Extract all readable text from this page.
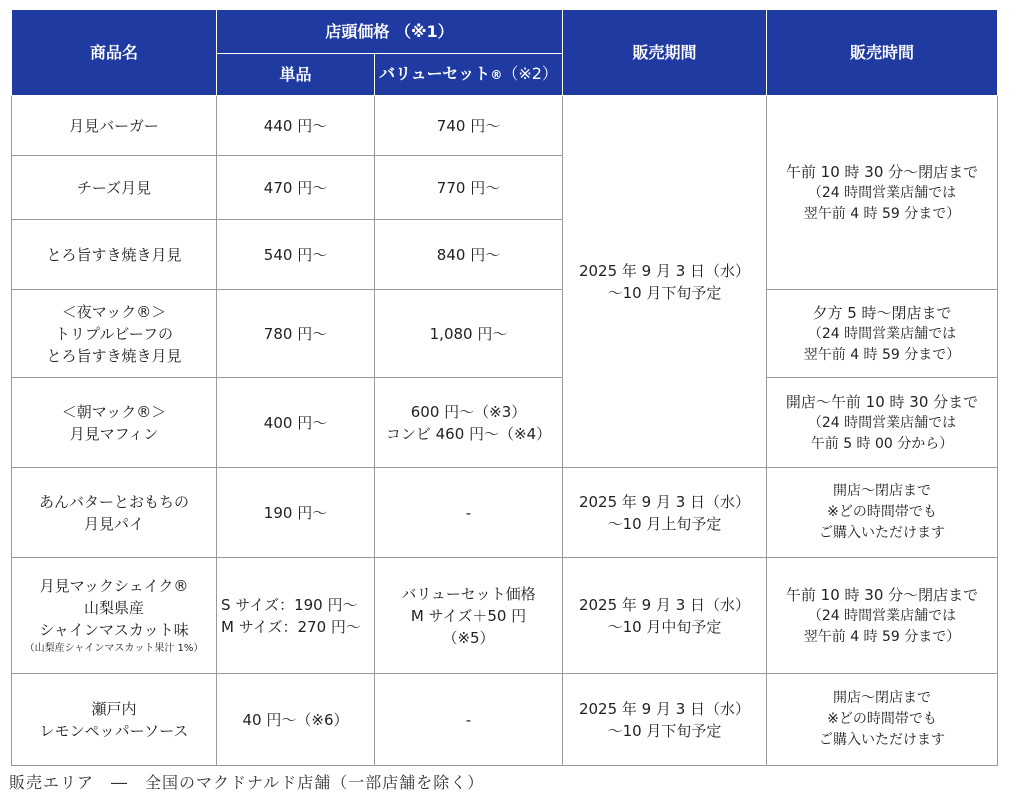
商品名	店頭価格 （※1）		販売期間	販売時間
	単品	バリューセット®（※2）		

月見バーガー	440 円～	740 円～	2025 年 9 月 3 日（水）
～10 月下旬予定	午前 10 時 30 分～閉店まで
（24 時間営業店舗では
翌午前 4 時 59 分まで）

チーズ月見	470 円～	770 円～		

とろ旨すき焼き月見	540 円～	840 円～		

＜夜マック®＞
トリプルビーフの
とろ旨すき焼き月見	780 円～	1,080 円～		夕方 5 時～閉店まで
（24 時間営業店舗では
翌午前 4 時 59 分まで）

＜朝マック®＞
月見マフィン	400 円～	600 円～（※3）
コンビ 460 円～（※4）		開店～午前 10 時 30 分まで
（24 時間営業店舗では
午前 5 時 00 分から）

あんバターとおもちの
月見パイ	190 円～	-	2025 年 9 月 3 日（水）
～10 月上旬予定	開店～閉店まで
※どの時間帯でも
ご購入いただけます

月見マックシェイク®
山梨県産
シャインマスカット味
（山梨産シャインマスカット果汁 1%）	S サイズ：190 円～
M サイズ：270 円～	バリューセット価格
M サイズ＋50 円
（※5）	2025 年 9 月 3 日（水）
～10 月中旬予定	午前 10 時 30 分～閉店まで
（24 時間営業店舗では
翌午前 4 時 59 分まで）

瀬戸内
レモンペッパーソース	40 円～（※6）	-	2025 年 9 月 3 日（水）
～10 月下旬予定	開店～閉店まで
※どの時間帯でも
ご購入いただけます
販売エリア　―　全国のマクドナルド店舗（一部店舗を除く）
